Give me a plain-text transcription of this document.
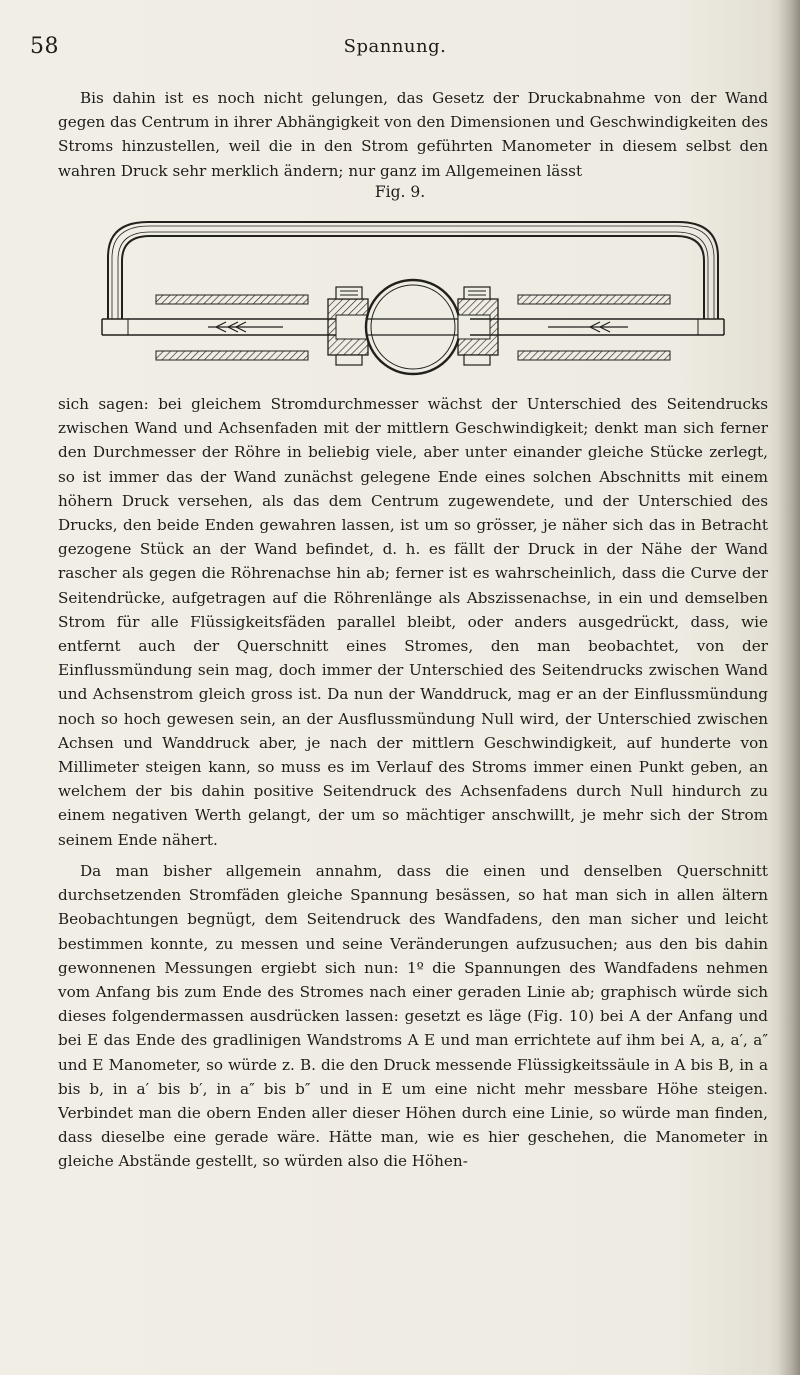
58	Spannung.

Bis dahin ist es noch nicht gelungen, das Gesetz der Druckabnahme von der Wand gegen das Centrum in ihrer Abhängigkeit von den Dimensionen und Geschwindigkeiten des Stroms hinzustellen, weil die in den Strom geführten Manometer in diesem selbst den wahren Druck sehr merklich ändern; nur ganz im Allgemeinen lässt

Fig. 9.

sich sagen: bei gleichem Stromdurchmesser wächst der Unterschied des Seitendrucks zwischen Wand und Achsenfaden mit der mittlern Geschwindigkeit; denkt man sich ferner den Durchmesser der Röhre in beliebig viele, aber unter einander gleiche Stücke zerlegt, so ist immer das der Wand zunächst gelegene Ende eines solchen Abschnitts mit einem höhern Druck versehen, als das dem Centrum zugewendete, und der Unterschied des Drucks, den beide Enden gewahren lassen, ist um so grösser, je näher sich das in Betracht gezogene Stück an der Wand befindet, d. h. es fällt der Druck in der Nähe der Wand rascher als gegen die Röhrenachse hin ab; ferner ist es wahrscheinlich, dass die Curve der Seitendrücke, aufgetragen auf die Röhrenlänge als Abszissenachse, in ein und demselben Strom für alle Flüssigkeitsfäden parallel bleibt, oder anders ausgedrückt, dass, wie entfernt auch der Querschnitt eines Stromes, den man beobachtet, von der Einflussmündung sein mag, doch immer der Unterschied des Seitendrucks zwischen Wand und Achsenstrom gleich gross ist. Da nun der Wanddruck, mag er an der Einflussmündung noch so hoch gewesen sein, an der Ausflussmündung Null wird, der Unterschied zwischen Achsen und Wanddruck aber, je nach der mittlern Geschwindigkeit, auf hunderte von Millimeter steigen kann, so muss es im Verlauf des Stroms immer einen Punkt geben, an welchem der bis dahin positive Seitendruck des Achsenfadens durch Null hindurch zu einem negativen Werth gelangt, der um so mächtiger anschwillt, je mehr sich der Strom seinem Ende nähert.

Da man bisher allgemein annahm, dass die einen und denselben Querschnitt durchsetzenden Stromfäden gleiche Spannung besässen, so hat man sich in allen ältern Beobachtungen begnügt, dem Seitendruck des Wandfadens, den man sicher und leicht bestimmen konnte, zu messen und seine Veränderungen aufzusuchen; aus den bis dahin gewonnenen Messungen ergiebt sich nun: 1º die Spannungen des Wandfadens nehmen vom Anfang bis zum Ende des Stromes nach einer geraden Linie ab; graphisch würde sich dieses folgendermassen ausdrücken lassen: gesetzt es läge (Fig. 10) bei A der Anfang und bei E das Ende des gradlinigen Wandstroms A E und man errichtete auf ihm bei A, a, a′, a″ und E Manometer, so würde z. B. die den Druck messende Flüssigkeitssäule in A bis B, in a bis b, in a′ bis b′, in a″ bis b″ und in E um eine nicht mehr messbare Höhe steigen. Verbindet man die obern Enden aller dieser Höhen durch eine Linie, so würde man finden, dass dieselbe eine gerade wäre. Hätte man, wie es hier geschehen, die Manometer in gleiche Abstände gestellt, so würden also die Höhen-
